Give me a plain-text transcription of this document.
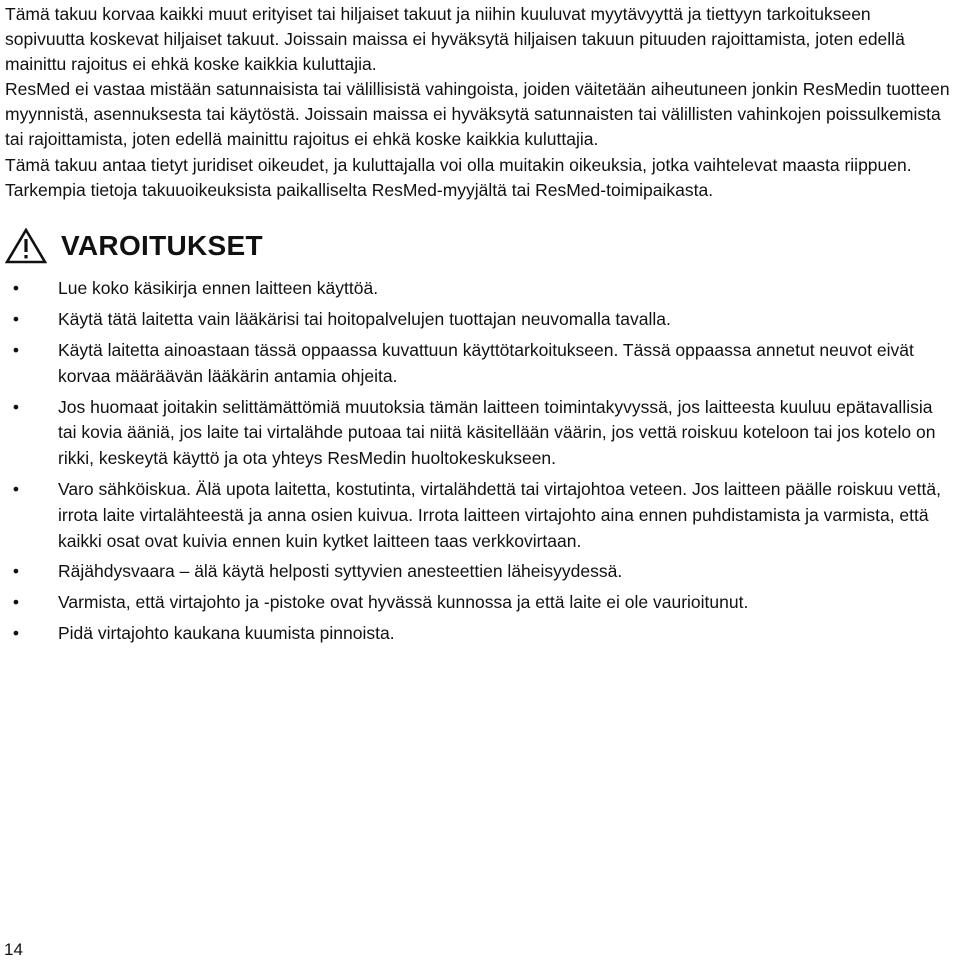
Tämä takuu korvaa kaikki muut erityiset tai hiljaiset takuut ja niihin kuuluvat myytävyyttä ja tiettyyn tarkoitukseen sopivuutta koskevat hiljaiset takuut. Joissain maissa ei hyväksytä hiljaisen takuun pituuden rajoittamista, joten edellä mainittu rajoitus ei ehkä koske kaikkia kuluttajia.

ResMed ei vastaa mistään satunnaisista tai välillisistä vahingoista, joiden väitetään aiheutuneen jonkin ResMedin tuotteen myynnistä, asennuksesta tai käytöstä. Joissain maissa ei hyväksytä satunnaisten tai välillisten vahinkojen poissulkemista tai rajoittamista, joten edellä mainittu rajoitus ei ehkä koske kaikkia kuluttajia.

Tämä takuu antaa tietyt juridiset oikeudet, ja kuluttajalla voi olla muitakin oikeuksia, jotka vaihtelevat maasta riippuen. Tarkempia tietoja takuuoikeuksista paikalliselta ResMed-myyjältä tai ResMed-toimipaikasta.

VAROITUKSET
•	Lue koko käsikirja ennen laitteen käyttöä.
•	Käytä tätä laitetta vain lääkärisi tai hoitopalvelujen tuottajan neuvomalla tavalla.
•	Käytä laitetta ainoastaan tässä oppaassa kuvattuun käyttötarkoitukseen. Tässä oppaassa annetut neuvot eivät korvaa määräävän lääkärin antamia ohjeita.
•	Jos huomaat joitakin selittämättömiä muutoksia tämän laitteen toimintakyvyssä, jos laitteesta kuuluu epätavallisia tai kovia ääniä, jos laite tai virtalähde putoaa tai niitä käsitellään väärin, jos vettä roiskuu koteloon tai jos kotelo on rikki, keskeytä käyttö ja ota yhteys ResMedin huoltokeskukseen.
•	Varo sähköiskua. Älä upota laitetta, kostutinta, virtalähdettä tai virtajohtoa veteen. Jos laitteen päälle roiskuu vettä, irrota laite virtalähteestä ja anna osien kuivua. Irrota laitteen virtajohto aina ennen puhdistamista ja varmista, että kaikki osat ovat kuivia ennen kuin kytket laitteen taas verkkovirtaan.
•	Räjähdysvaara – älä käytä helposti syttyvien anesteettien läheisyydessä.
•	Varmista, että virtajohto ja -pistoke ovat hyvässä kunnossa ja että laite ei ole vaurioitunut.
•	Pidä virtajohto kaukana kuumista pinnoista.
14
